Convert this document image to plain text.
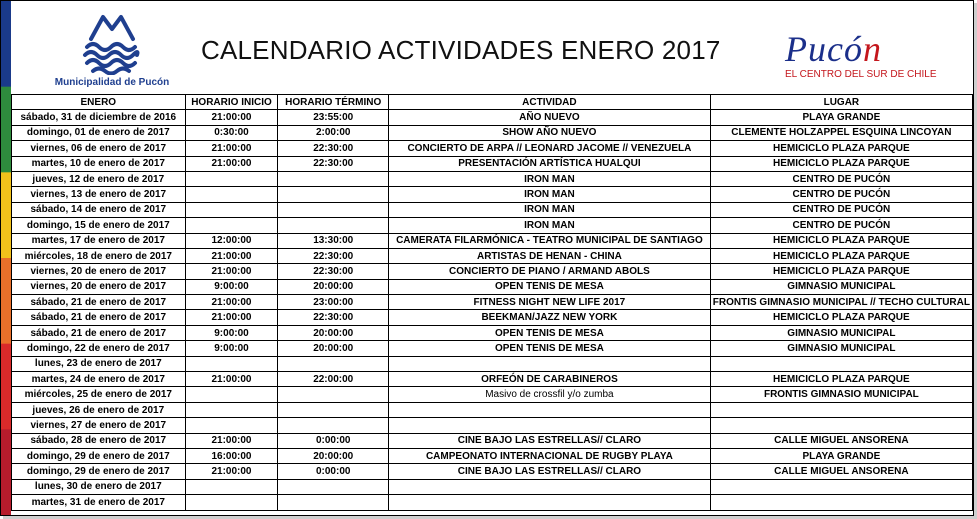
Municipalidad de Pucón
CALENDARIO ACTIVIDADES ENERO 2017 Pucón
EL CENTRO DEL SUR DE CHILE
ENERO	HORARIO INICIO	HORARIO TÉRMINO	ACTIVIDAD	LUGAR
sábado, 31 de diciembre de 2016	21:00:00	23:55:00	AÑO NUEVO	PLAYA GRANDE
domingo, 01 de enero de 2017	0:30:00	2:00:00	SHOW AÑO NUEVO	CLEMENTE HOLZAPPEL ESQUINA LINCOYAN
viernes, 06 de enero de 2017	21:00:00	22:30:00	CONCIERTO DE ARPA // LEONARD JACOME // VENEZUELA	HEMICICLO PLAZA PARQUE
martes, 10 de enero de 2017	21:00:00	22:30:00	PRESENTACIÓN ARTÍSTICA HUALQUI	HEMICICLO PLAZA PARQUE
jueves, 12 de enero de 2017			IRON MAN	CENTRO DE PUCÓN
viernes, 13 de enero de 2017			IRON MAN	CENTRO DE PUCÓN
sábado, 14 de enero de 2017			IRON MAN	CENTRO DE PUCÓN
domingo, 15 de enero de 2017			IRON MAN	CENTRO DE PUCÓN
martes, 17 de enero de 2017	12:00:00	13:30:00	CAMERATA FILARMÓNICA - TEATRO MUNICIPAL DE SANTIAGO	HEMICICLO PLAZA PARQUE
miércoles, 18 de enero de 2017	21:00:00	22:30:00	ARTISTAS DE HENAN - CHINA	HEMICICLO PLAZA PARQUE
viernes, 20 de enero de 2017	21:00:00	22:30:00	CONCIERTO DE PIANO / ARMAND ABOLS	HEMICICLO PLAZA PARQUE
viernes, 20 de enero de 2017	9:00:00	20:00:00	OPEN TENIS DE MESA	GIMNASIO MUNICIPAL
sábado, 21 de enero de 2017	21:00:00	23:00:00	FITNESS NIGHT NEW LIFE 2017	FRONTIS GIMNASIO MUNICIPAL // TECHO CULTURAL
sábado, 21 de enero de 2017	21:00:00	22:30:00	BEEKMAN/JAZZ NEW YORK	HEMICICLO PLAZA PARQUE
sábado, 21 de enero de 2017	9:00:00	20:00:00	OPEN TENIS DE MESA	GIMNASIO MUNICIPAL
domingo, 22 de enero de 2017	9:00:00	20:00:00	OPEN TENIS DE MESA	GIMNASIO MUNICIPAL
lunes, 23 de enero de 2017				
martes, 24 de enero de 2017	21:00:00	22:00:00	ORFEÓN DE CARABINEROS	HEMICICLO PLAZA PARQUE
miércoles, 25 de enero de 2017			Masivo de crossfil y/o zumba	FRONTIS GIMNASIO MUNICIPAL
jueves, 26 de enero de 2017				
viernes, 27 de enero de 2017				
sábado, 28 de enero de 2017	21:00:00	0:00:00	CINE BAJO LAS ESTRELLAS// CLARO	CALLE MIGUEL ANSORENA
domingo, 29 de enero de 2017	16:00:00	20:00:00	CAMPEONATO INTERNACIONAL DE RUGBY PLAYA	PLAYA GRANDE
domingo, 29 de enero de 2017	21:00:00	0:00:00	CINE BAJO LAS ESTRELLAS// CLARO	CALLE MIGUEL ANSORENA
lunes, 30 de enero de 2017				
martes, 31 de enero de 2017				
